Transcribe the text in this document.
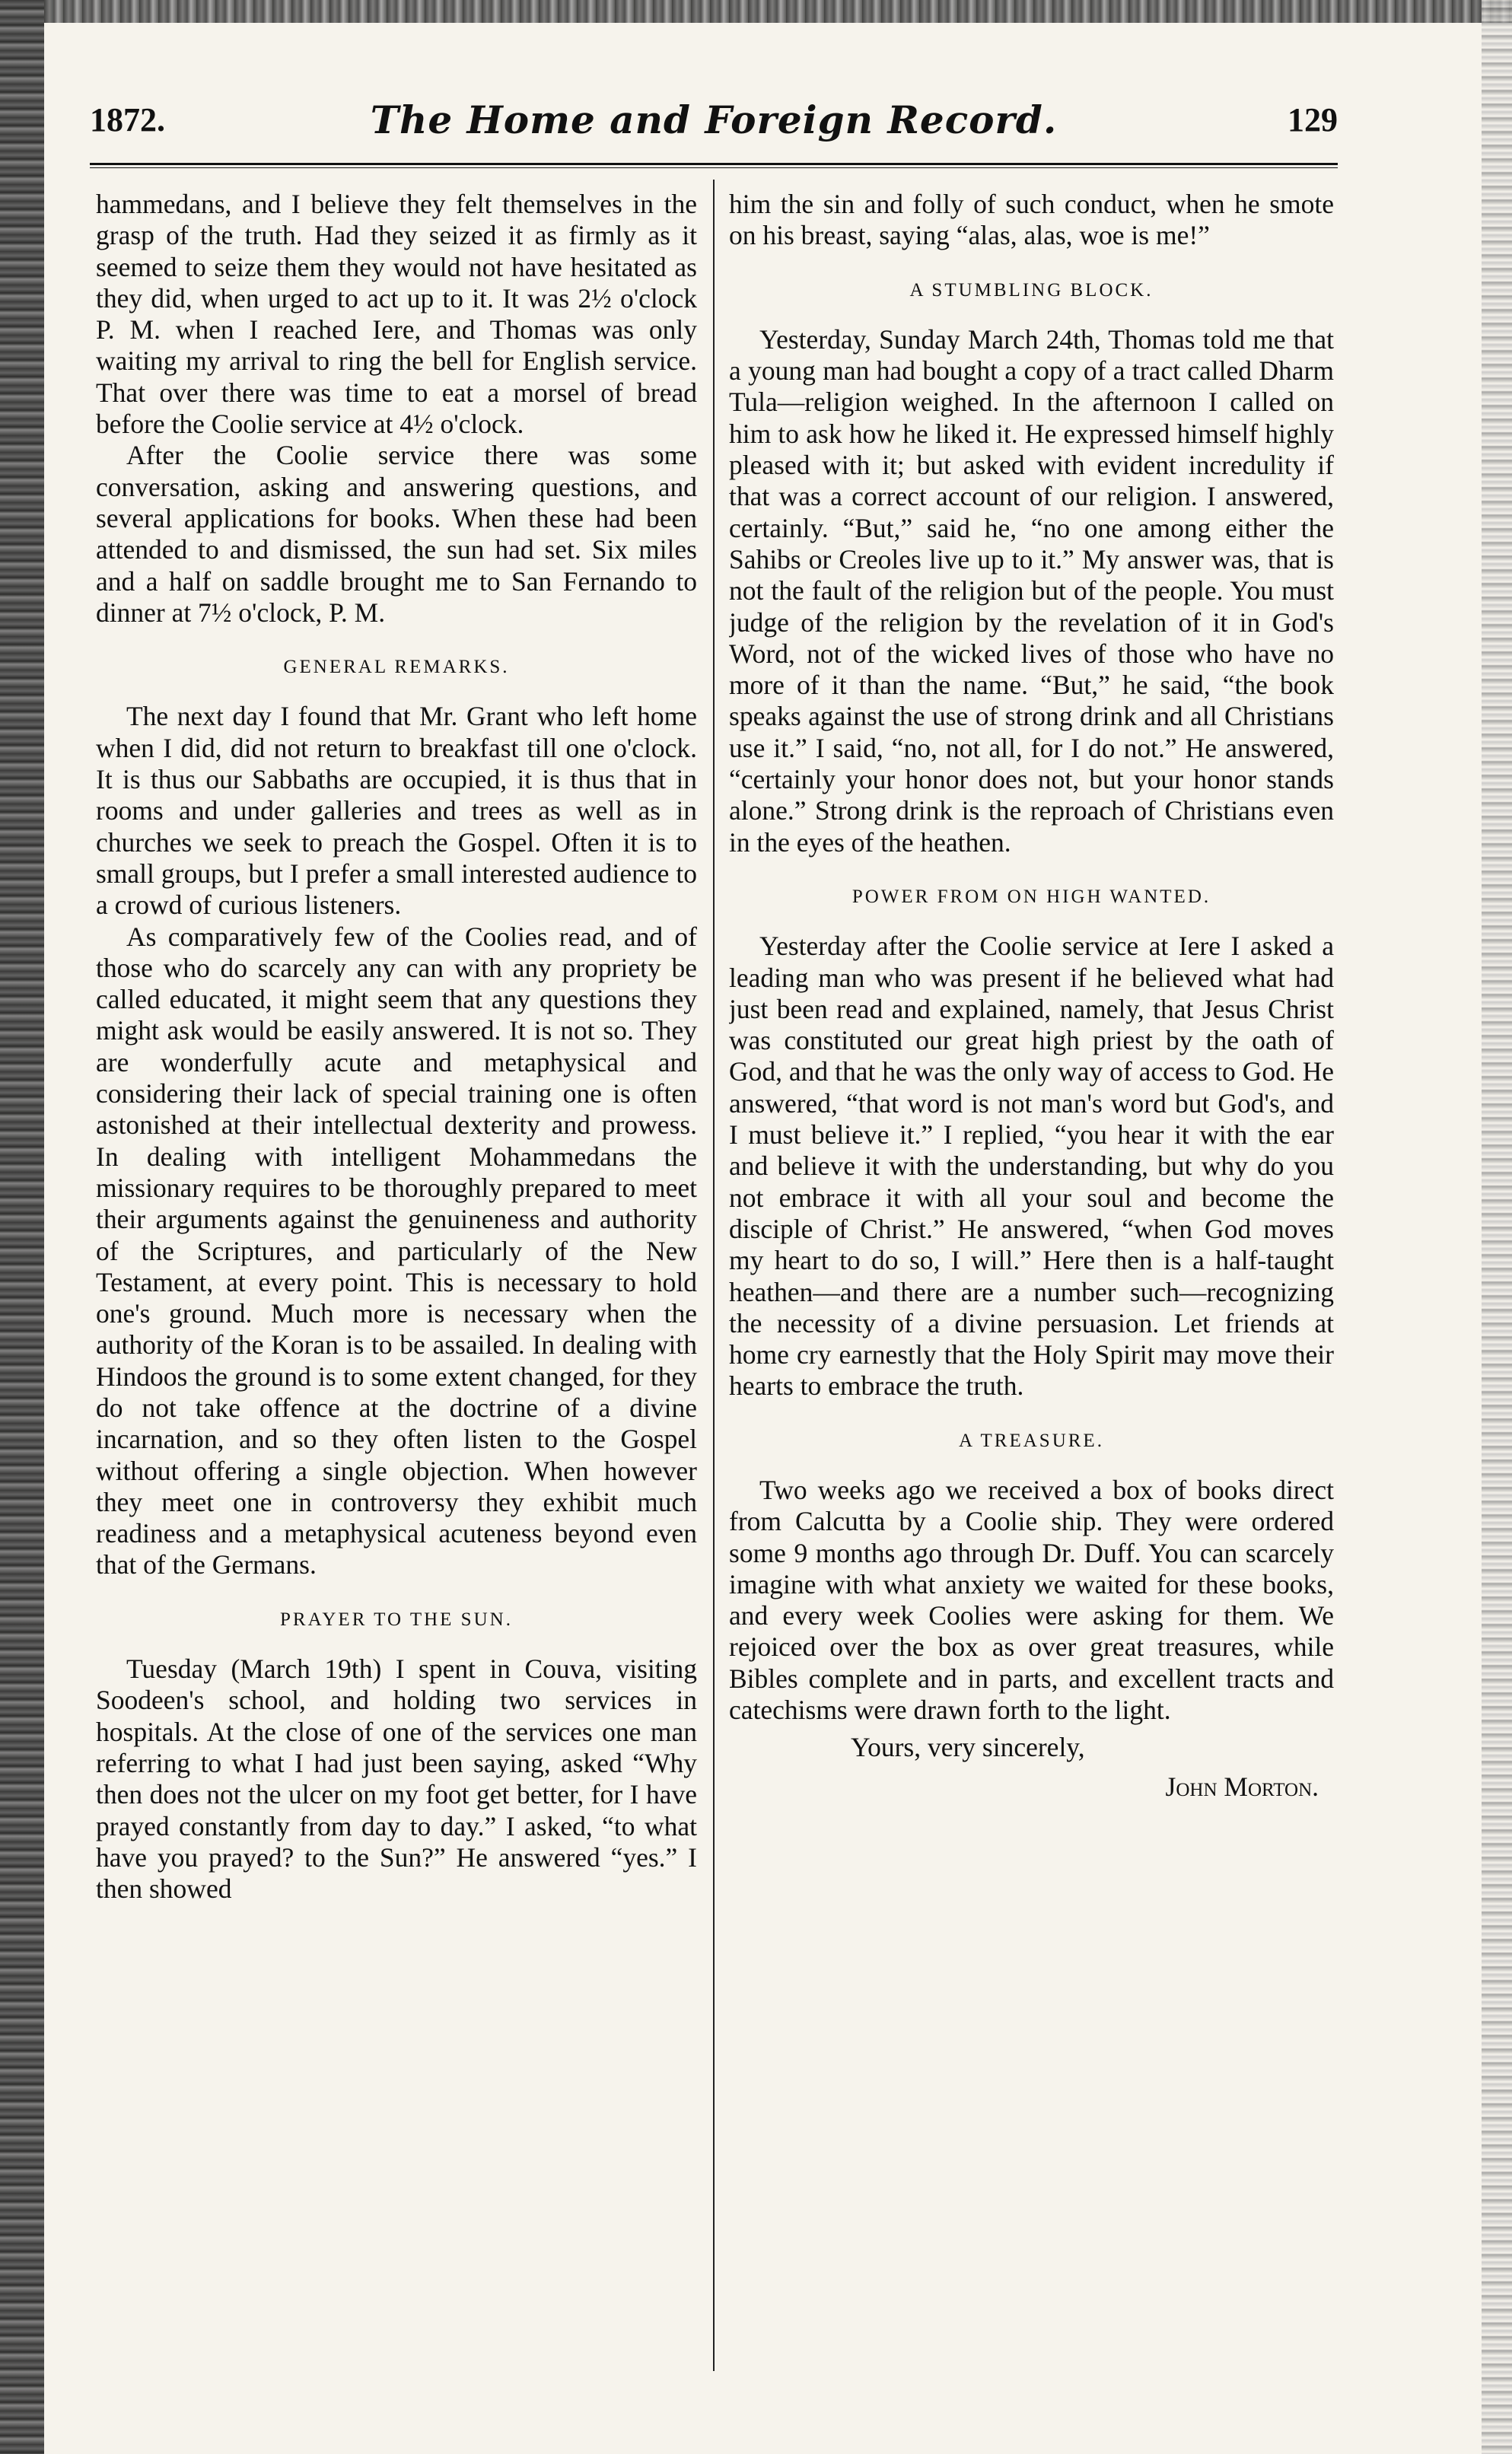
1872.	The Home and Foreign Record.	129

hammedans, and I believe they felt themselves in the grasp of the truth. Had they seized it as firmly as it seemed to seize them they would not have hesitated as they did, when urged to act up to it. It was 2½ o'clock P. M. when I reached Iere, and Thomas was only waiting my arrival to ring the bell for English service. That over there was time to eat a morsel of bread before the Coolie service at 4½ o'clock.

After the Coolie service there was some conversation, asking and answering questions, and several applications for books. When these had been attended to and dismissed, the sun had set. Six miles and a half on saddle brought me to San Fernando to dinner at 7½ o'clock, P. M.

GENERAL REMARKS.

The next day I found that Mr. Grant who left home when I did, did not return to breakfast till one o'clock. It is thus our Sabbaths are occupied, it is thus that in rooms and under galleries and trees as well as in churches we seek to preach the Gospel. Often it is to small groups, but I prefer a small interested audience to a crowd of curious listeners.

As comparatively few of the Coolies read, and of those who do scarcely any can with any propriety be called educated, it might seem that any questions they might ask would be easily answered. It is not so. They are wonderfully acute and metaphysical and considering their lack of special training one is often astonished at their intellectual dexterity and prowess. In dealing with intelligent Mohammedans the missionary requires to be thoroughly prepared to meet their arguments against the genuineness and authority of the Scriptures, and particularly of the New Testament, at every point. This is necessary to hold one's ground. Much more is necessary when the authority of the Koran is to be assailed. In dealing with Hindoos the ground is to some extent changed, for they do not take offence at the doctrine of a divine incarnation, and so they often listen to the Gospel without offering a single objection. When however they meet one in controversy they exhibit much readiness and a metaphysical acuteness beyond even that of the Germans.

PRAYER TO THE SUN.

Tuesday (March 19th) I spent in Couva, visiting Soodeen's school, and holding two services in hospitals. At the close of one of the services one man referring to what I had just been saying, asked “Why then does not the ulcer on my foot get better, for I have prayed constantly from day to day.” I asked, “to what have you prayed? to the Sun?” He answered “yes.” I then showed

him the sin and folly of such conduct, when he smote on his breast, saying “alas, alas, woe is me!”

A STUMBLING BLOCK.

Yesterday, Sunday March 24th, Thomas told me that a young man had bought a copy of a tract called Dharm Tula—religion weighed. In the afternoon I called on him to ask how he liked it. He expressed himself highly pleased with it; but asked with evident incredulity if that was a correct account of our religion. I answered, certainly. “But,” said he, “no one among either the Sahibs or Creoles live up to it.” My answer was, that is not the fault of the religion but of the people. You must judge of the religion by the revelation of it in God's Word, not of the wicked lives of those who have no more of it than the name. “But,” he said, “the book speaks against the use of strong drink and all Christians use it.” I said, “no, not all, for I do not.” He answered, “certainly your honor does not, but your honor stands alone.” Strong drink is the reproach of Christians even in the eyes of the heathen.

POWER FROM ON HIGH WANTED.

Yesterday after the Coolie service at Iere I asked a leading man who was present if he believed what had just been read and explained, namely, that Jesus Christ was constituted our great high priest by the oath of God, and that he was the only way of access to God. He answered, “that word is not man's word but God's, and I must believe it.” I replied, “you hear it with the ear and believe it with the understanding, but why do you not embrace it with all your soul and become the disciple of Christ.” He answered, “when God moves my heart to do so, I will.” Here then is a half-taught heathen—and there are a number such—recognizing the necessity of a divine persuasion. Let friends at home cry earnestly that the Holy Spirit may move their hearts to embrace the truth.

A TREASURE.

Two weeks ago we received a box of books direct from Calcutta by a Coolie ship. They were ordered some 9 months ago through Dr. Duff. You can scarcely imagine with what anxiety we waited for these books, and every week Coolies were asking for them. We rejoiced over the box as over great treasures, while Bibles complete and in parts, and excellent tracts and catechisms were drawn forth to the light.

Yours, very sincerely,

John Morton.
